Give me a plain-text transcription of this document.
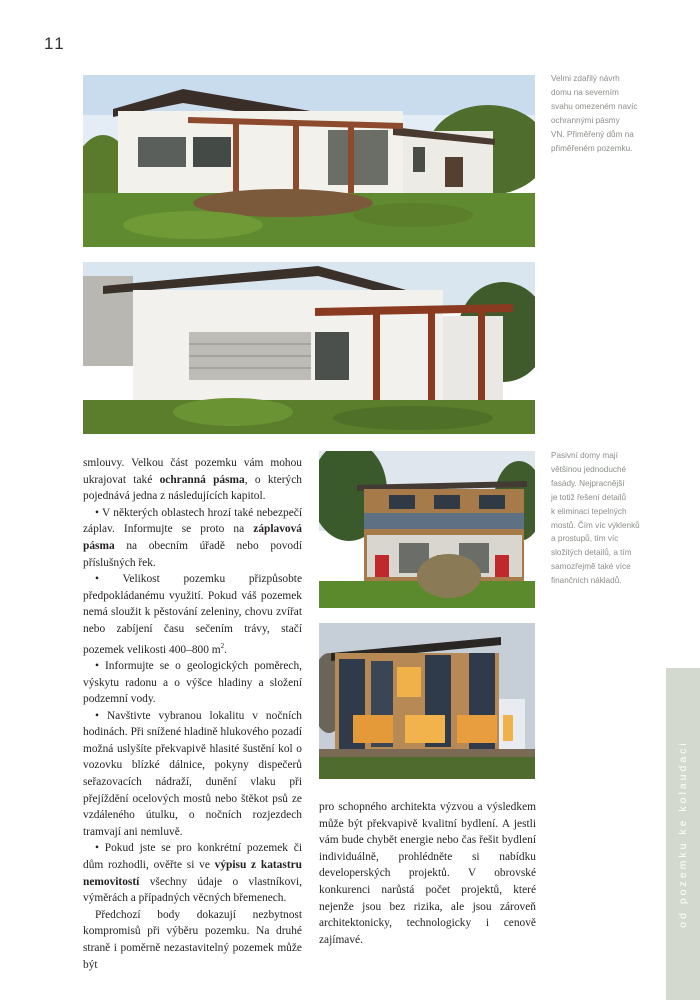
11

Velmi zdařilý návrh

domu na severním

svahu omezeném navíc

ochrannými pásmy

VN. Přiměřený dům na

přiměřeném pozemku.

Pasivní domy mají

většinou jednoduché

fasády. Nejpracnější

je totiž řešení detailů

k eliminaci tepelných

mostů. Čím víc výklenků

a prostupů, tím víc

složitých detailů, a tím

samozřejmě také více

finančních nákladů.

smlouvy. Velkou část pozemku vám mohou ukrajovat také ochranná pásma, o kterých pojednává jedna z následujících kapitol.

• V některých oblastech hrozí také nebezpečí záplav. Informujte se proto na záplavová pásma na obecním úřadě nebo povodí příslušných řek.

• Velikost pozemku přizpůsobte předpokládanému využití. Pokud váš pozemek nemá sloužit k pěstování zeleniny, chovu zvířat nebo zabíjení času sečením trávy, stačí pozemek velikosti 400–800 $m^2$.

• Informujte se o geologických poměrech, výskytu radonu a o výšce hladiny a složení podzemní vody.

• Navštivte vybranou lokalitu v nočních hodinách. Při snížené hladině hlukového pozadí možná uslyšíte překvapivě hlasité šustění kol o vozovku blízké dálnice, pokyny dispečerů seřazovacích nádraží, dunění vlaku při přejíždění ocelových mostů nebo štěkot psů ze vzdáleného útulku, o nočních rozjezdech tramvají ani nemluvě.

• Pokud jste se pro konkrétní pozemek či dům rozhodli, ověřte si ve výpisu z katastru nemovitostí všechny údaje o vlastníkovi, výměrách a případných věcných břemenech.

Předchozí body dokazují nezbytnost kompromisů při výběru pozemku. Na druhé straně i poměrně nezastavitelný pozemek může být

pro schopného architekta výzvou a výsledkem může být překvapivě kvalitní bydlení. A jestli vám bude chybět energie nebo čas řešit bydlení individuálně, prohlédněte si nabídku developerských projektů. V obrovské konkurenci narůstá počet projektů, které nejenže jsou bez rizika, ale jsou zároveň architektonicky, technologicky i cenově zajímavé.

od pozemku ke kolaudaci
